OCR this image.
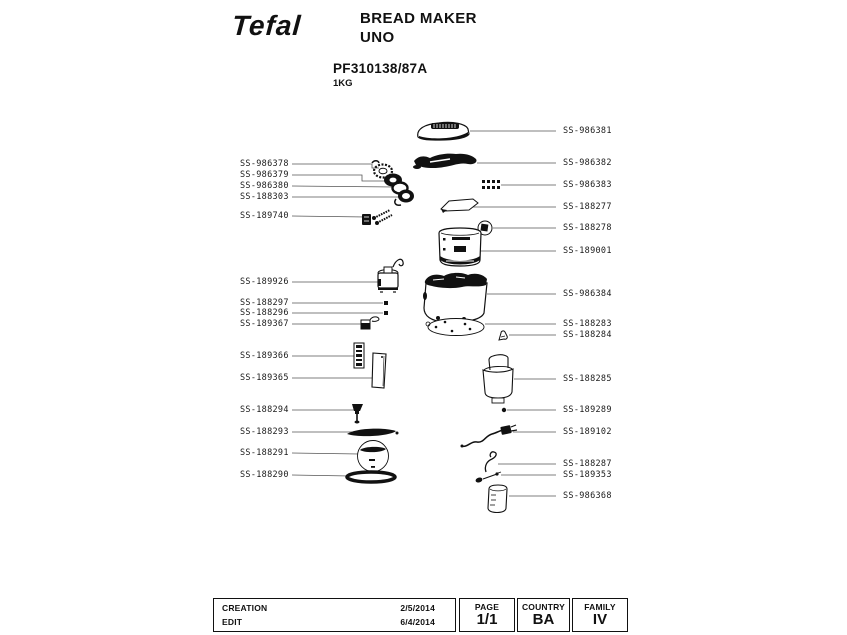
Tefal	BREAD MAKER
UNO
PF310138/87A
1KG
SS-986378
SS-986379
SS-986380
SS-188303
SS-189740
SS-189926
SS-188297
SS-188296
SS-189367
SS-189366
SS-189365
SS-188294
SS-188293
SS-188291
SS-188290
SS-986381
SS-986382
SS-986383
SS-188277
SS-188278
SS-189001
SS-986384
SS-188283
SS-188284
SS-188285
SS-189289
SS-189102
SS-188287
SS-189353
SS-986368
CREATION	2/5/2014
EDIT	6/4/2014
PAGE
1/1
COUNTRY
BA
FAMILY
IV
